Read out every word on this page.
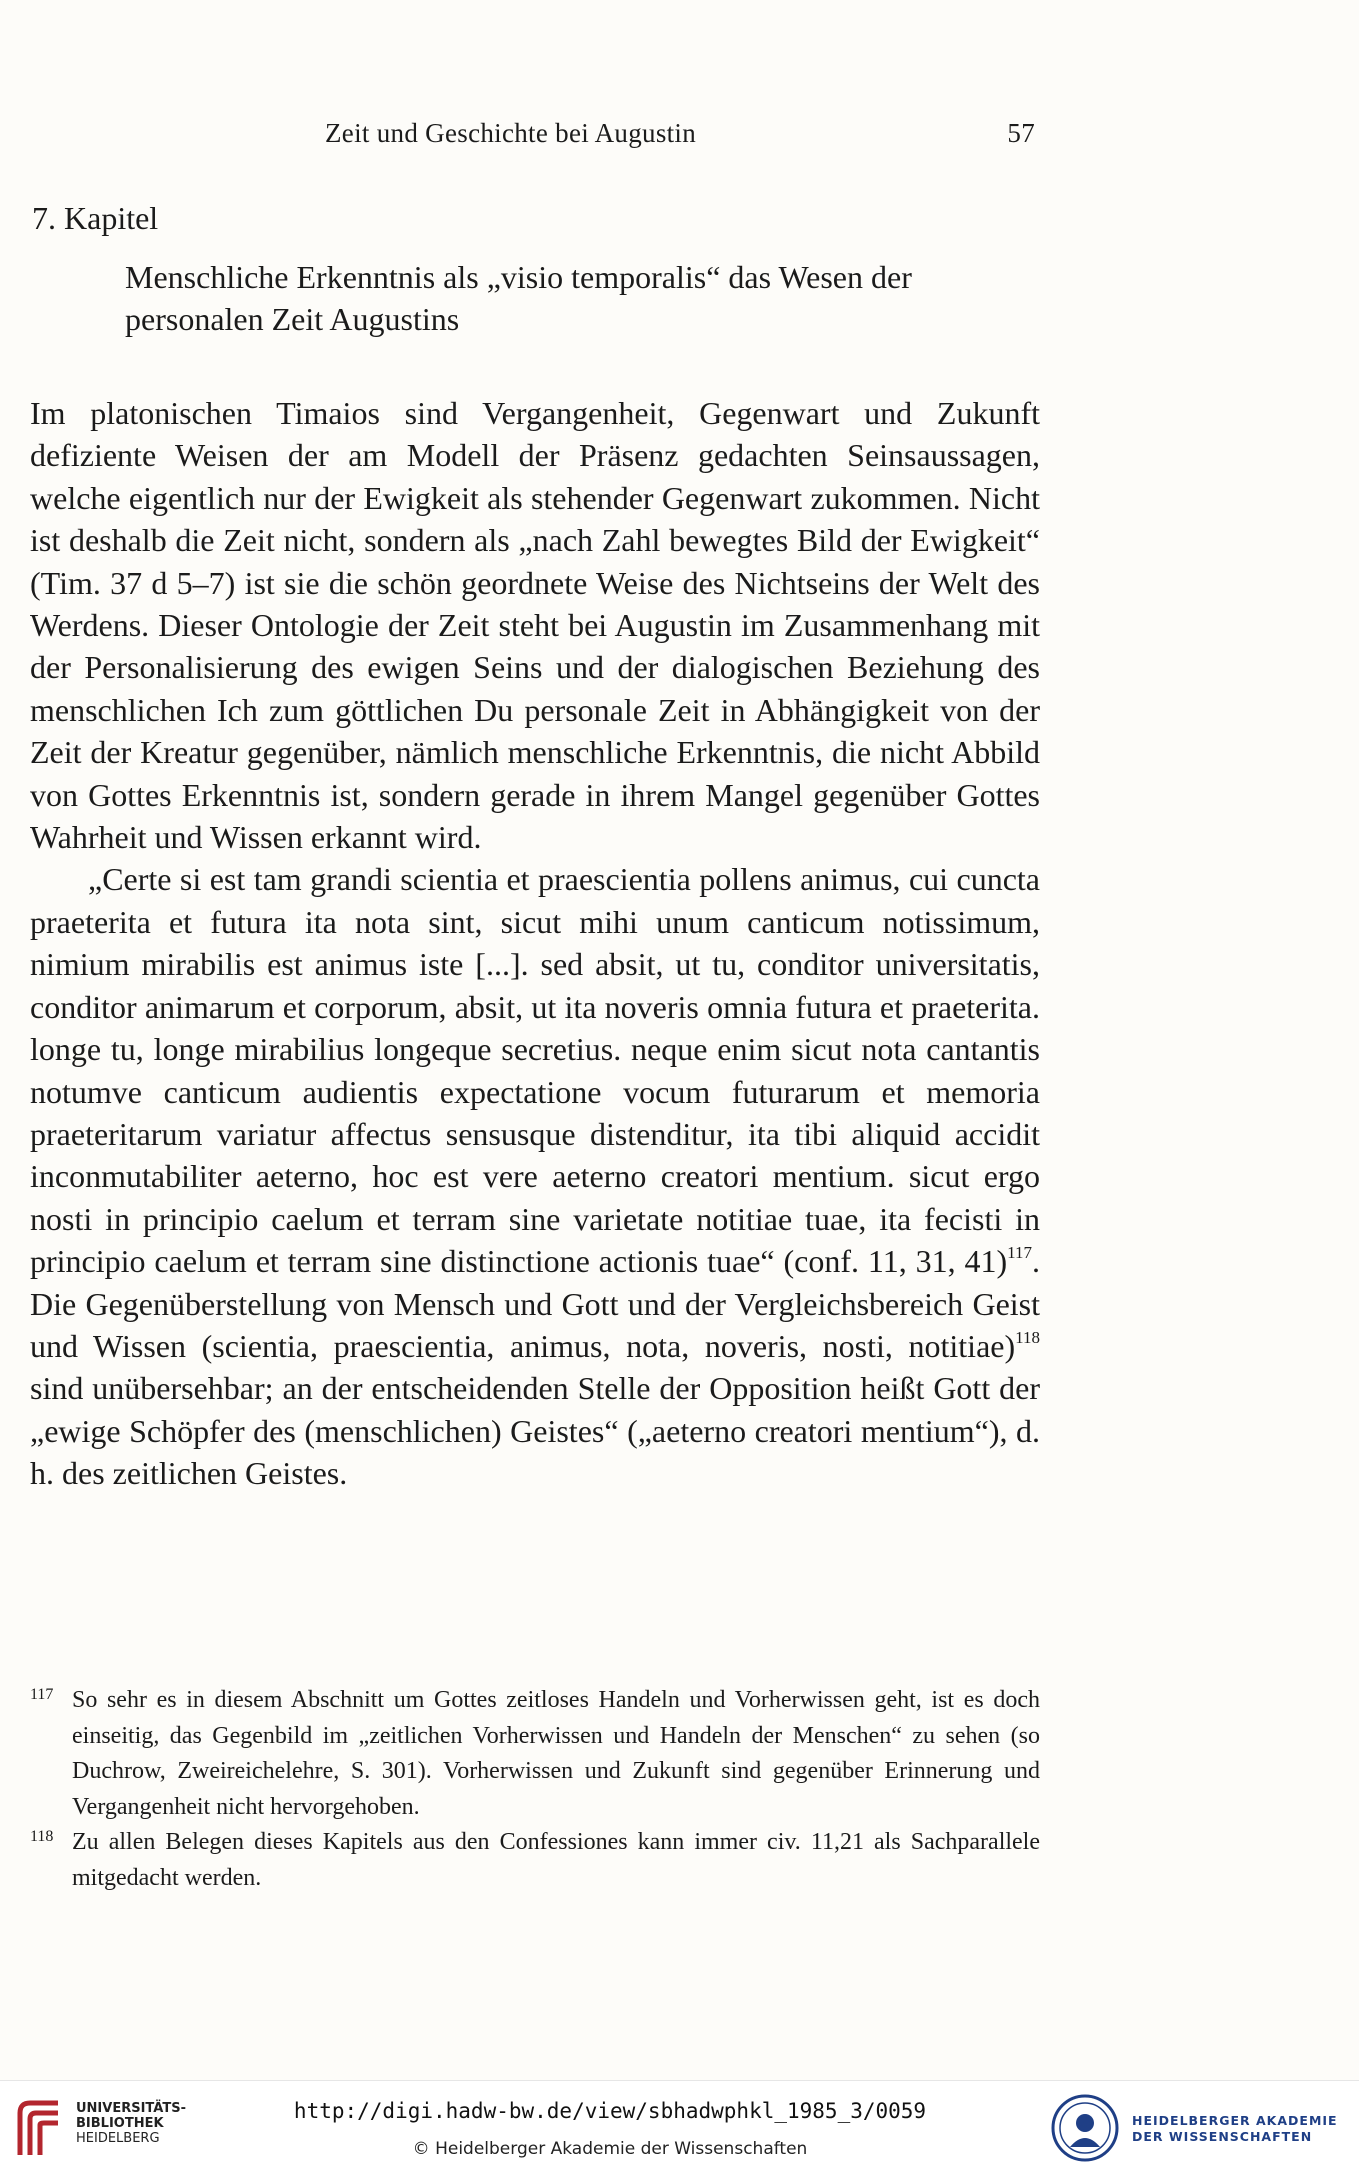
Zeit und Geschichte bei Augustin	57
7. Kapitel
Menschliche Erkenntnis als „visio temporalis“ das Wesen der
personalen Zeit Augustins

Im platonischen Timaios sind Vergangenheit, Gegenwart und Zukunft defiziente Weisen der am Modell der Präsenz gedachten Seinsaussagen, welche eigentlich nur der Ewigkeit als stehender Gegenwart zukommen. Nicht ist deshalb die Zeit nicht, sondern als „nach Zahl bewegtes Bild der Ewigkeit“ (Tim. 37 d 5–7) ist sie die schön geordnete Weise des Nichtseins der Welt des Werdens. Dieser Ontologie der Zeit steht bei Augustin im Zusammenhang mit der Personalisierung des ewigen Seins und der dialogischen Beziehung des menschlichen Ich zum göttlichen Du personale Zeit in Abhängigkeit von der Zeit der Kreatur gegenüber, nämlich menschliche Erkenntnis, die nicht Abbild von Gottes Erkenntnis ist, sondern gerade in ihrem Mangel gegenüber Gottes Wahrheit und Wissen erkannt wird.

„Certe si est tam grandi scientia et praescientia pollens animus, cui cuncta praeterita et futura ita nota sint, sicut mihi unum canticum notissimum, nimium mirabilis est animus iste [...]. sed absit, ut tu, conditor universitatis, conditor animarum et corporum, absit, ut ita noveris omnia futura et praeterita. longe tu, longe mirabilius longeque secretius. neque enim sicut nota cantantis notumve canticum audientis expectatione vocum futurarum et memoria praeteritarum variatur affectus sensusque distenditur, ita tibi aliquid accidit inconmutabiliter aeterno, hoc est vere aeterno creatori mentium. sicut ergo nosti in principio caelum et terram sine varietate notitiae tuae, ita fecisti in principio caelum et terram sine distinctione actionis tuae“ (conf. 11, 31, 41)$^{117}$. Die Gegenüberstellung von Mensch und Gott und der Vergleichsbereich Geist und Wissen (scientia, praescientia, animus, nota, noveris, nosti, notitiae)$^{118}$ sind unübersehbar; an der entscheidenden Stelle der Opposition heißt Gott der „ewige Schöpfer des (menschlichen) Geistes“ („aeterno creatori mentium“), d. h. des zeitlichen Geistes.

117 So sehr es in diesem Abschnitt um Gottes zeitloses Handeln und Vorherwissen geht, ist es doch einseitig, das Gegenbild im „zeitlichen Vorherwissen und Handeln der Menschen“ zu sehen (so Duchrow, Zweireichelehre, S. 301). Vorherwissen und Zukunft sind gegenüber Erinnerung und Vergangenheit nicht hervorgehoben.
118 Zu allen Belegen dieses Kapitels aus den Confessiones kann immer civ. 11,21 als Sachparallele mitgedacht werden.
UNIVERSITÄTS-
BIBLIOTHEK
HEIDELBERG
http://digi.hadw-bw.de/view/sbhadwphkl_1985_3/0059
© Heidelberger Akademie der Wissenschaften
HEIDELBERGER AKADEMIE
DER WISSENSCHAFTEN
